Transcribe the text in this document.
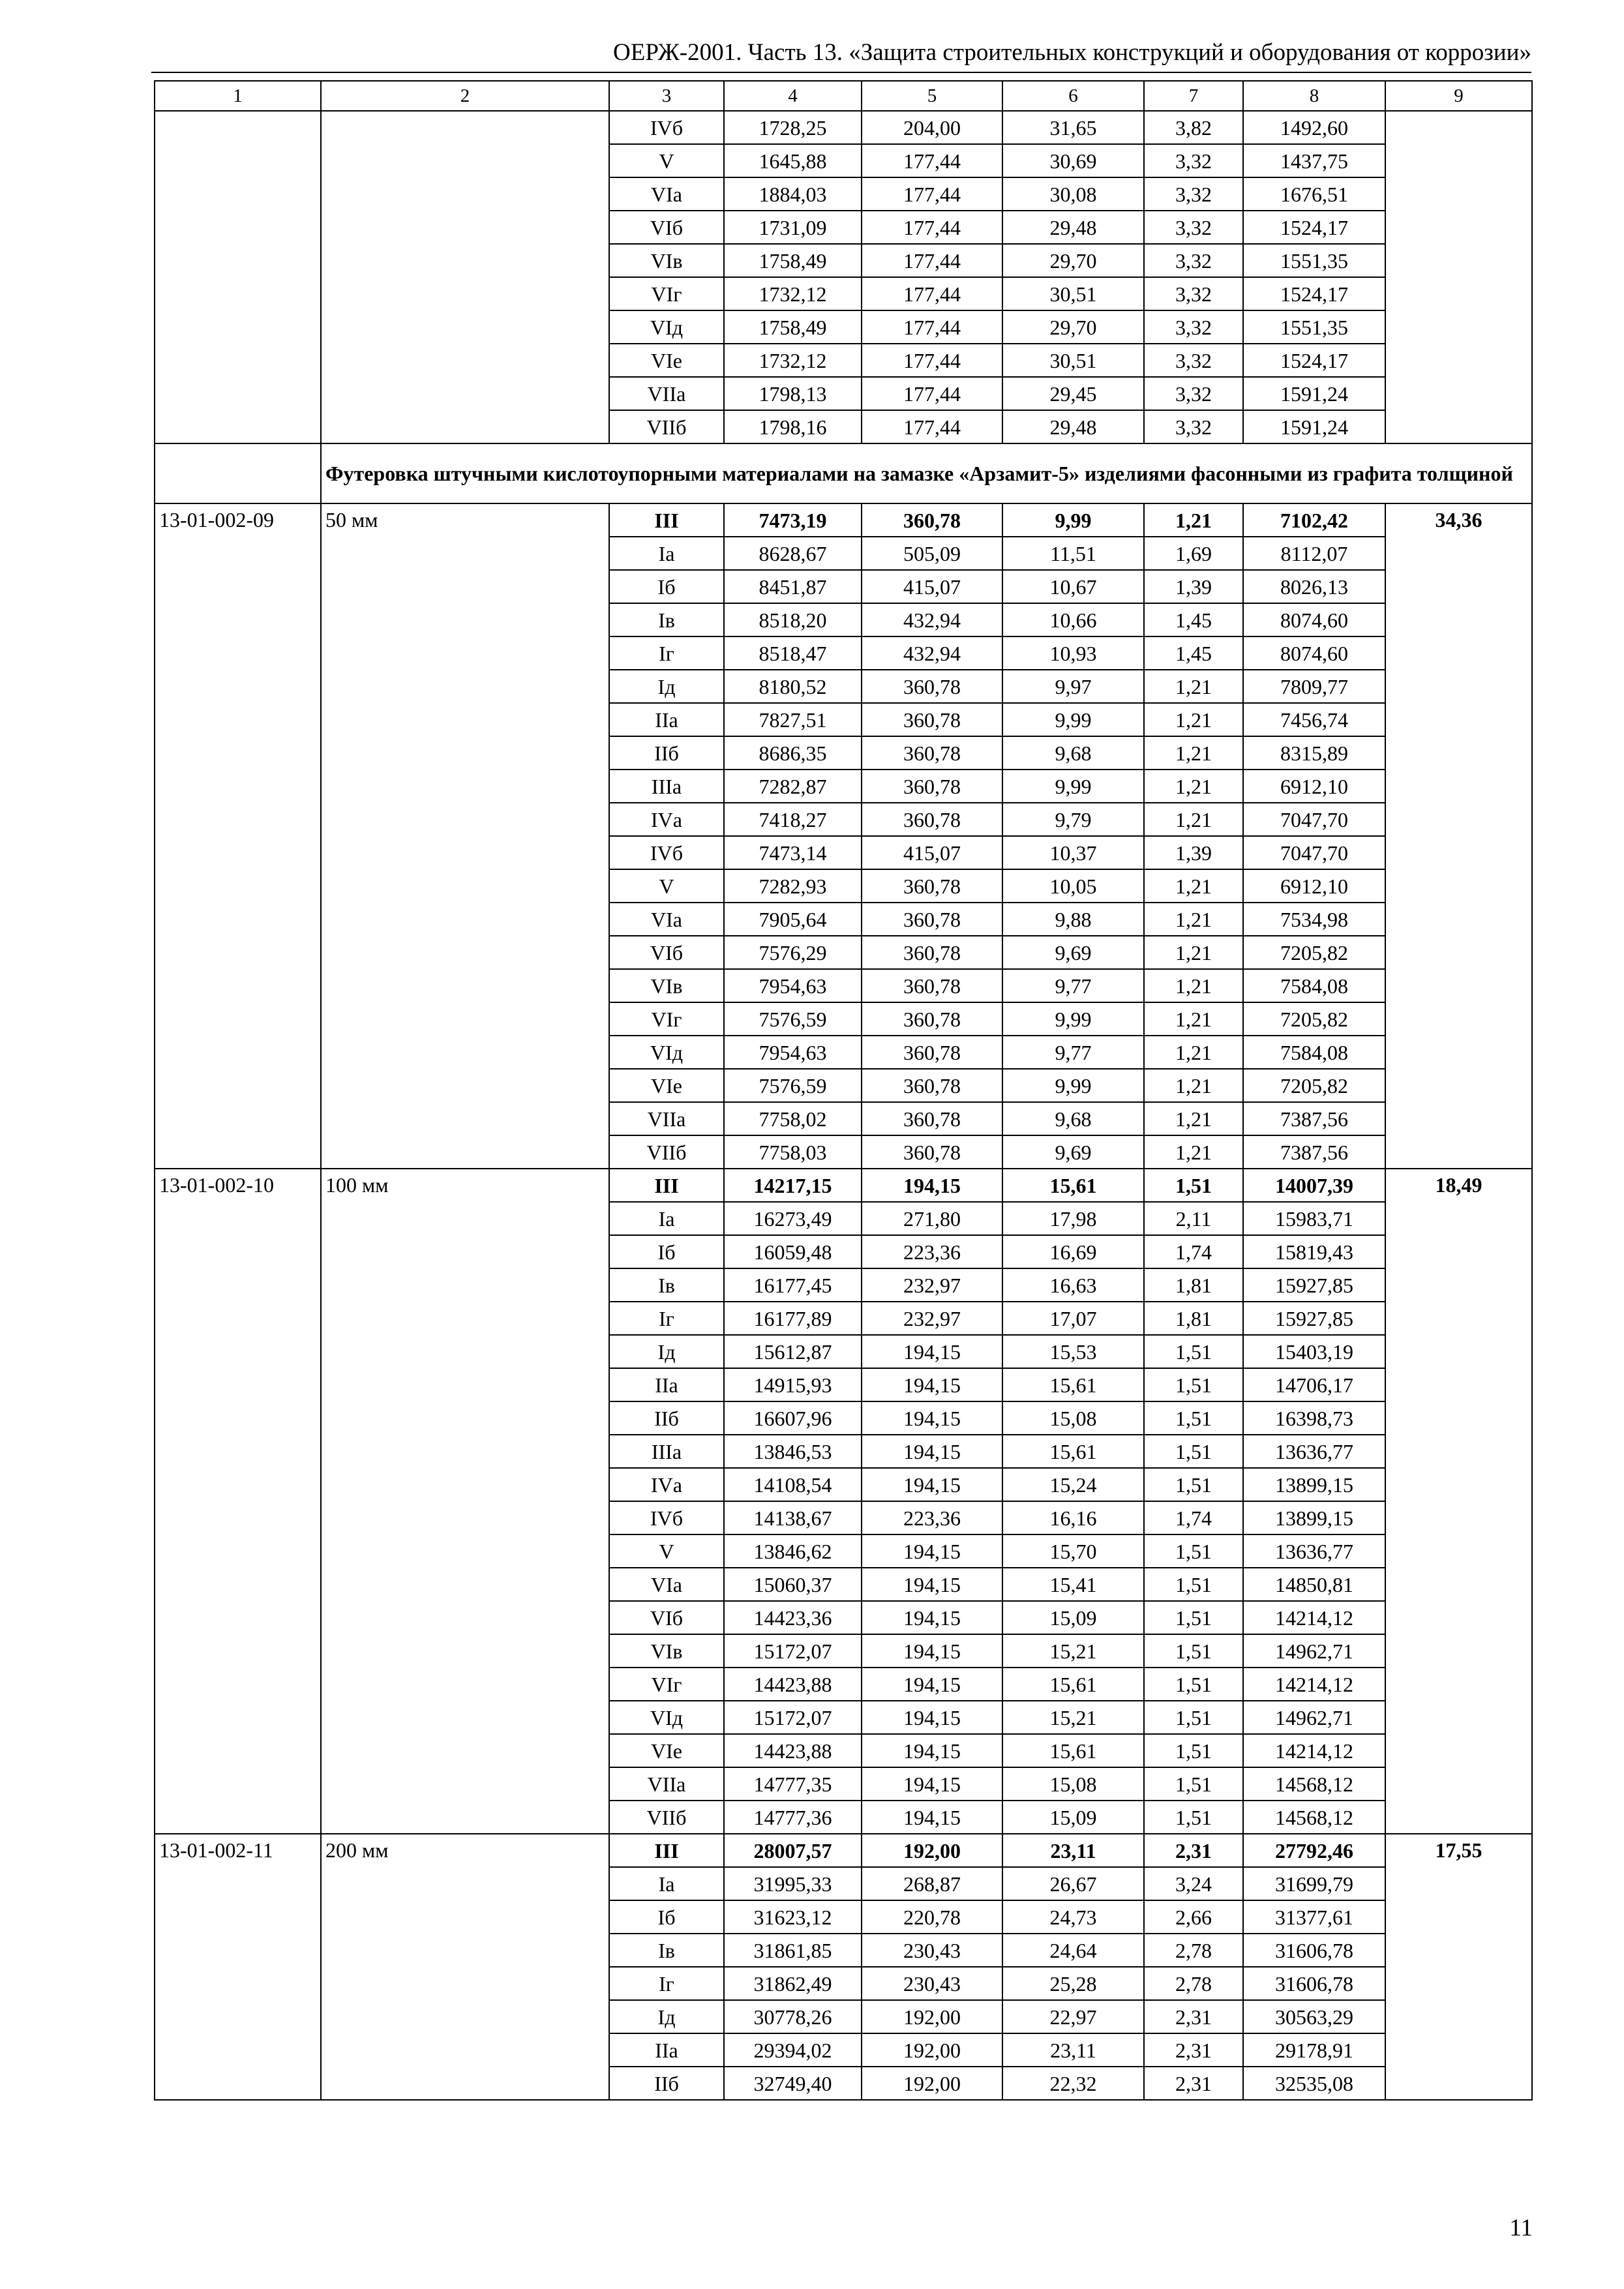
ОЕРЖ-2001. Часть 13. «Защита строительных конструкций и оборудования от коррозии»
1	2	3	4	5	6	7	8	9
		IVб	1728,25	204,00	31,65	3,82	1492,60	
		V	1645,88	177,44	30,69	3,32	1437,75	
		VIа	1884,03	177,44	30,08	3,32	1676,51	
		VIб	1731,09	177,44	29,48	3,32	1524,17	
		VIв	1758,49	177,44	29,70	3,32	1551,35	
		VIг	1732,12	177,44	30,51	3,32	1524,17	
		VIд	1758,49	177,44	29,70	3,32	1551,35	
		VIе	1732,12	177,44	30,51	3,32	1524,17	
		VIIа	1798,13	177,44	29,45	3,32	1591,24	
		VIIб	1798,16	177,44	29,48	3,32	1591,24	
	Футеровка штучными кислотоупорными материалами на замазке «Арзамит-5» изделиями фасонными из графита толщиной							
13-01-002-09	50 мм	III	7473,19	360,78	9,99	1,21	7102,42	34,36
		Iа	8628,67	505,09	11,51	1,69	8112,07	
		Iб	8451,87	415,07	10,67	1,39	8026,13	
		Iв	8518,20	432,94	10,66	1,45	8074,60	
		Iг	8518,47	432,94	10,93	1,45	8074,60	
		Iд	8180,52	360,78	9,97	1,21	7809,77	
		IIа	7827,51	360,78	9,99	1,21	7456,74	
		IIб	8686,35	360,78	9,68	1,21	8315,89	
		IIIа	7282,87	360,78	9,99	1,21	6912,10	
		IVа	7418,27	360,78	9,79	1,21	7047,70	
		IVб	7473,14	415,07	10,37	1,39	7047,70	
		V	7282,93	360,78	10,05	1,21	6912,10	
		VIа	7905,64	360,78	9,88	1,21	7534,98	
		VIб	7576,29	360,78	9,69	1,21	7205,82	
		VIв	7954,63	360,78	9,77	1,21	7584,08	
		VIг	7576,59	360,78	9,99	1,21	7205,82	
		VIд	7954,63	360,78	9,77	1,21	7584,08	
		VIе	7576,59	360,78	9,99	1,21	7205,82	
		VIIа	7758,02	360,78	9,68	1,21	7387,56	
		VIIб	7758,03	360,78	9,69	1,21	7387,56	
13-01-002-10	100 мм	III	14217,15	194,15	15,61	1,51	14007,39	18,49
		Iа	16273,49	271,80	17,98	2,11	15983,71	
		Iб	16059,48	223,36	16,69	1,74	15819,43	
		Iв	16177,45	232,97	16,63	1,81	15927,85	
		Iг	16177,89	232,97	17,07	1,81	15927,85	
		Iд	15612,87	194,15	15,53	1,51	15403,19	
		IIа	14915,93	194,15	15,61	1,51	14706,17	
		IIб	16607,96	194,15	15,08	1,51	16398,73	
		IIIа	13846,53	194,15	15,61	1,51	13636,77	
		IVа	14108,54	194,15	15,24	1,51	13899,15	
		IVб	14138,67	223,36	16,16	1,74	13899,15	
		V	13846,62	194,15	15,70	1,51	13636,77	
		VIа	15060,37	194,15	15,41	1,51	14850,81	
		VIб	14423,36	194,15	15,09	1,51	14214,12	
		VIв	15172,07	194,15	15,21	1,51	14962,71	
		VIг	14423,88	194,15	15,61	1,51	14214,12	
		VIд	15172,07	194,15	15,21	1,51	14962,71	
		VIе	14423,88	194,15	15,61	1,51	14214,12	
		VIIа	14777,35	194,15	15,08	1,51	14568,12	
		VIIб	14777,36	194,15	15,09	1,51	14568,12	
13-01-002-11	200 мм	III	28007,57	192,00	23,11	2,31	27792,46	17,55
		Iа	31995,33	268,87	26,67	3,24	31699,79	
		Iб	31623,12	220,78	24,73	2,66	31377,61	
		Iв	31861,85	230,43	24,64	2,78	31606,78	
		Iг	31862,49	230,43	25,28	2,78	31606,78	
		Iд	30778,26	192,00	22,97	2,31	30563,29	
		IIа	29394,02	192,00	23,11	2,31	29178,91	
		IIб	32749,40	192,00	22,32	2,31	32535,08	
11
